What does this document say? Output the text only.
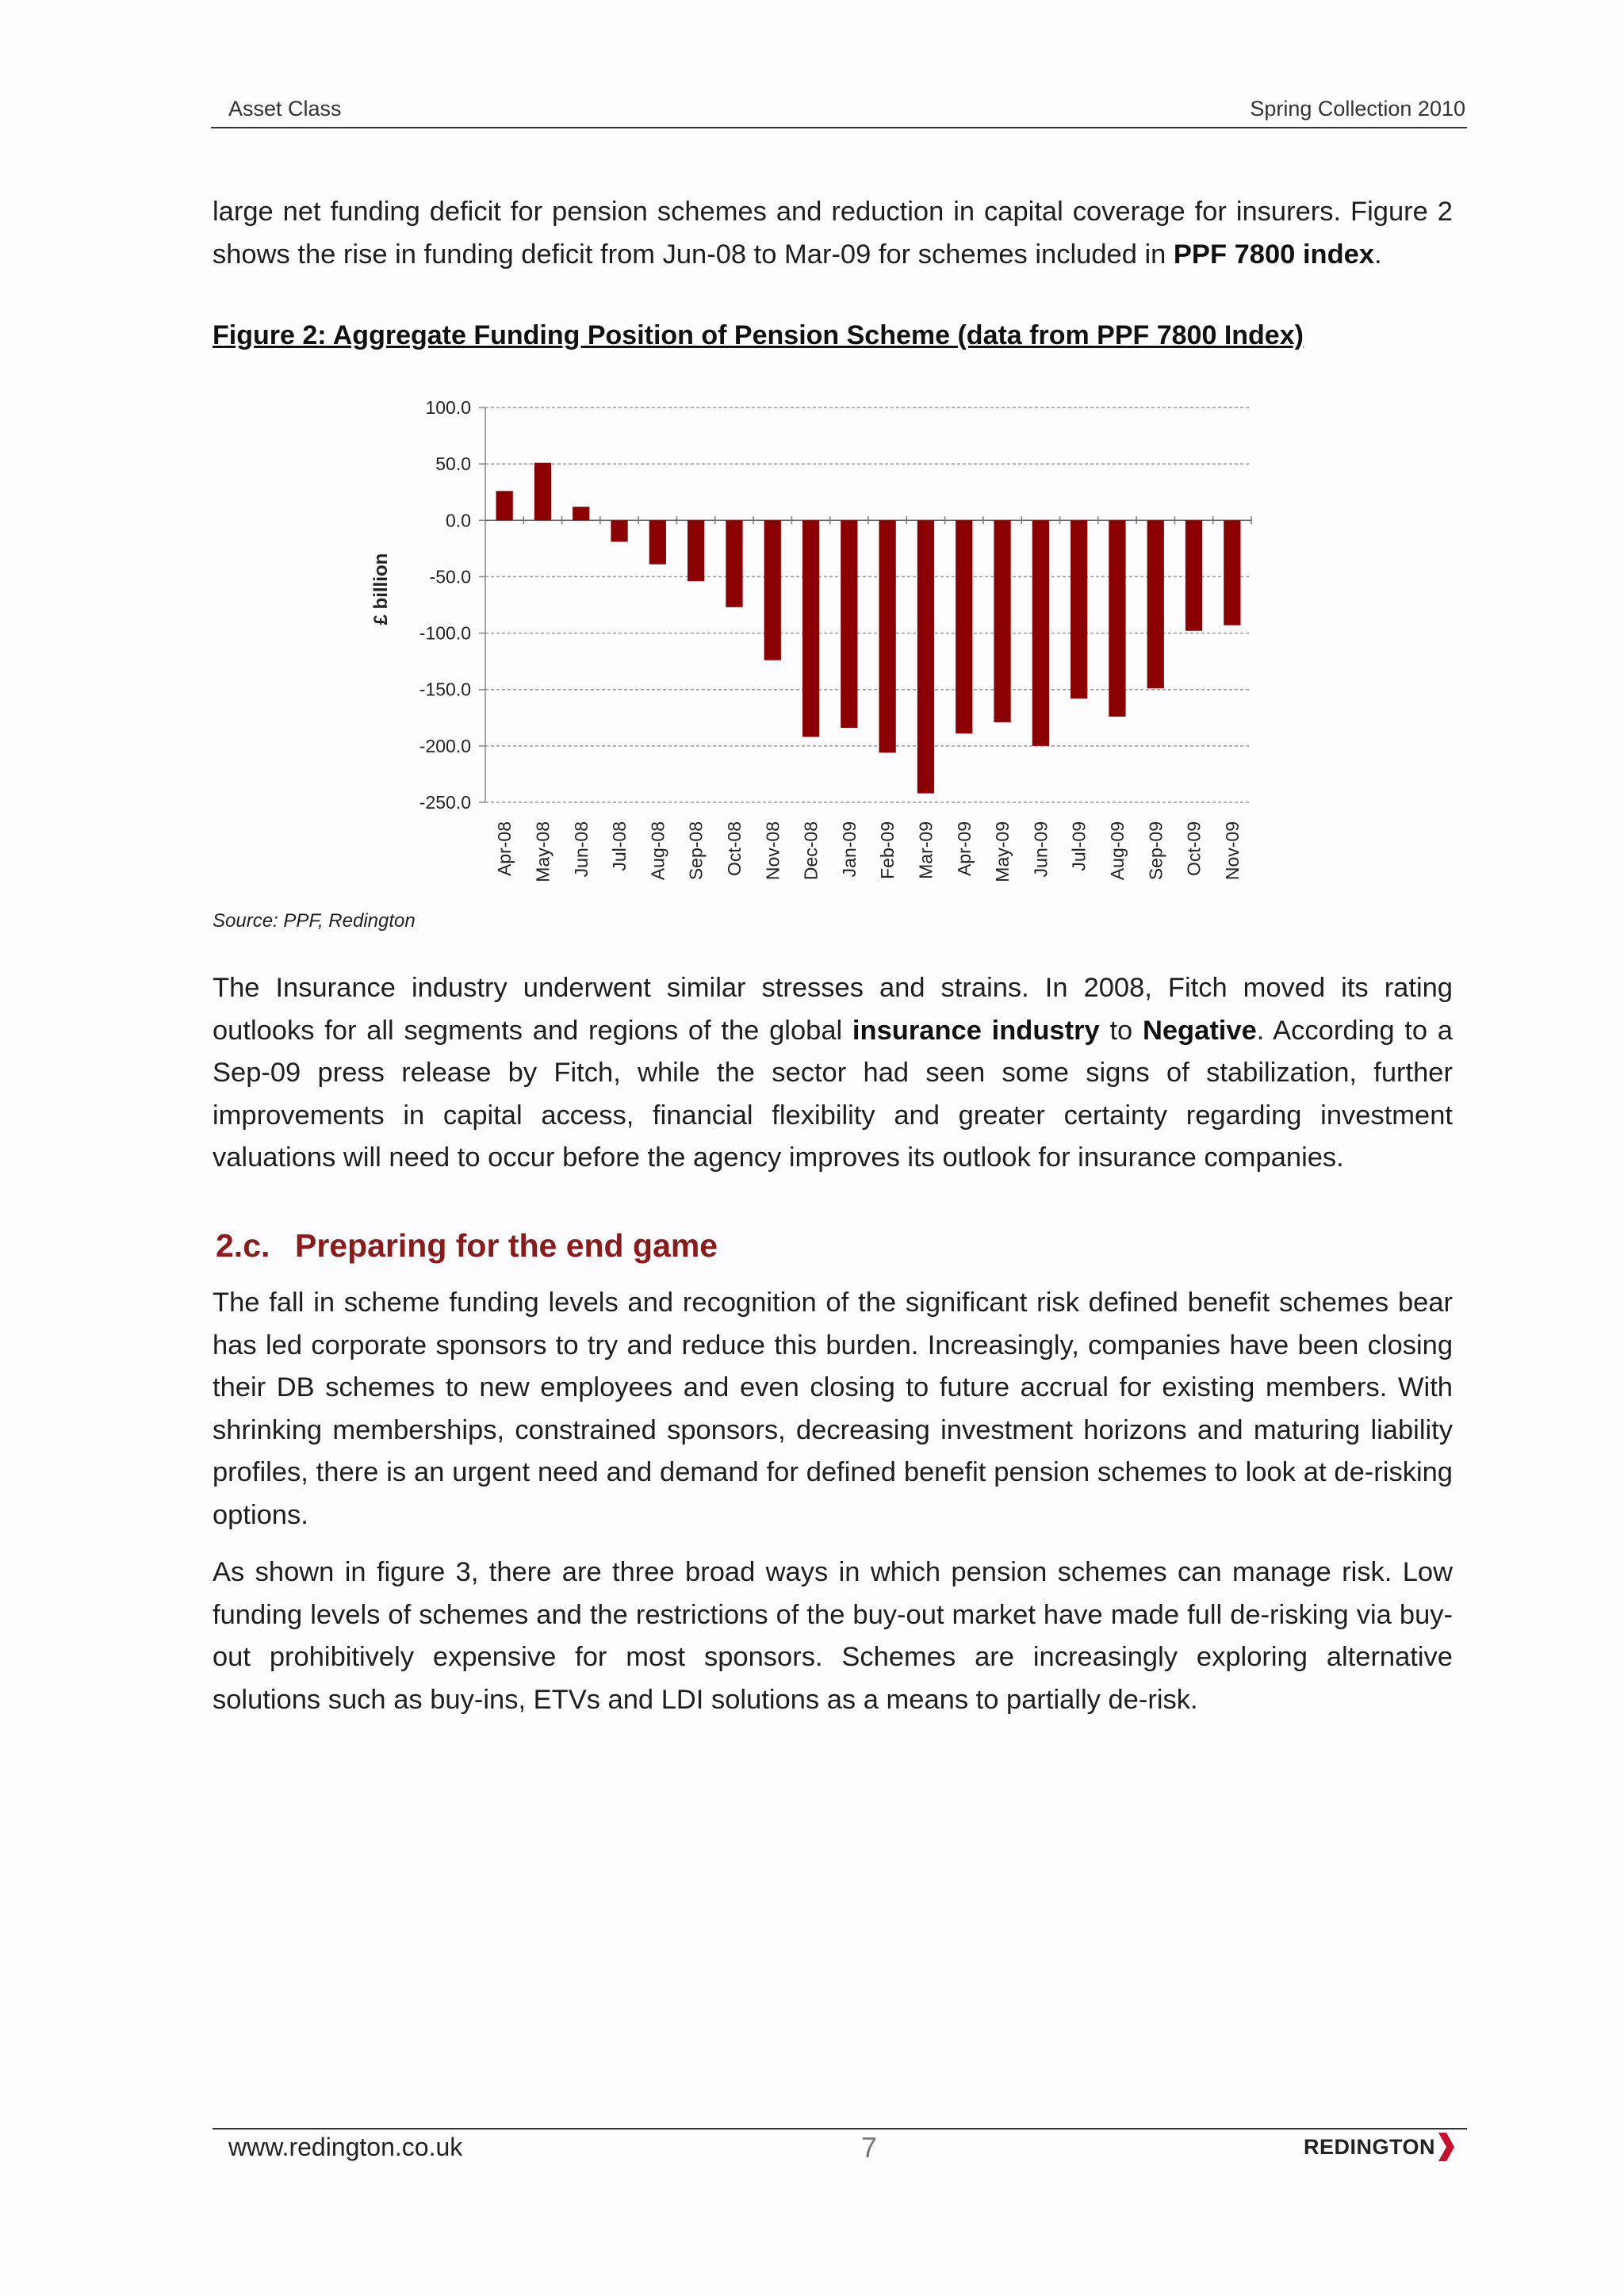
Asset Class	Spring Collection 2010

large net funding deficit for pension schemes and reduction in capital coverage for insurers. Figure 2 shows the rise in funding deficit from Jun-08 to Mar-09 for schemes included in PPF 7800 index.

Figure 2: Aggregate Funding Position of Pension Scheme (data from PPF 7800 Index)
100.0
50.0
0.0
-50.0
-100.0
-150.0
-200.0
-250.0
£ billion
Apr-08 May-08 Jun-08 Jul-08 Aug-08 Sep-08 Oct-08 Nov-08 Dec-08 Jan-09 Feb-09 Mar-09 Apr-09 May-09 Jun-09 Jul-09 Aug-09 Sep-09 Oct-09 Nov-09
Source: PPF, Redington

The Insurance industry underwent similar stresses and strains. In 2008, Fitch moved its rating outlooks for all segments and regions of the global insurance industry to Negative. According to a Sep-09 press release by Fitch, while the sector had seen some signs of stabilization, further improvements in capital access, financial flexibility and greater certainty regarding investment valuations will need to occur before the agency improves its outlook for insurance companies.

2.c. Preparing for the end game

The fall in scheme funding levels and recognition of the significant risk defined benefit schemes bear has led corporate sponsors to try and reduce this burden. Increasingly, companies have been closing their DB schemes to new employees and even closing to future accrual for existing members. With shrinking memberships, constrained sponsors, decreasing investment horizons and maturing liability profiles, there is an urgent need and demand for defined benefit pension schemes to look at de-risking options.

As shown in figure 3, there are three broad ways in which pension schemes can manage risk. Low funding levels of schemes and the restrictions of the buy-out market have made full de-risking via buy-out prohibitively expensive for most sponsors. Schemes are increasingly exploring alternative solutions such as buy-ins, ETVs and LDI solutions as a means to partially de-risk.

www.redington.co.uk	7	REDINGTON
